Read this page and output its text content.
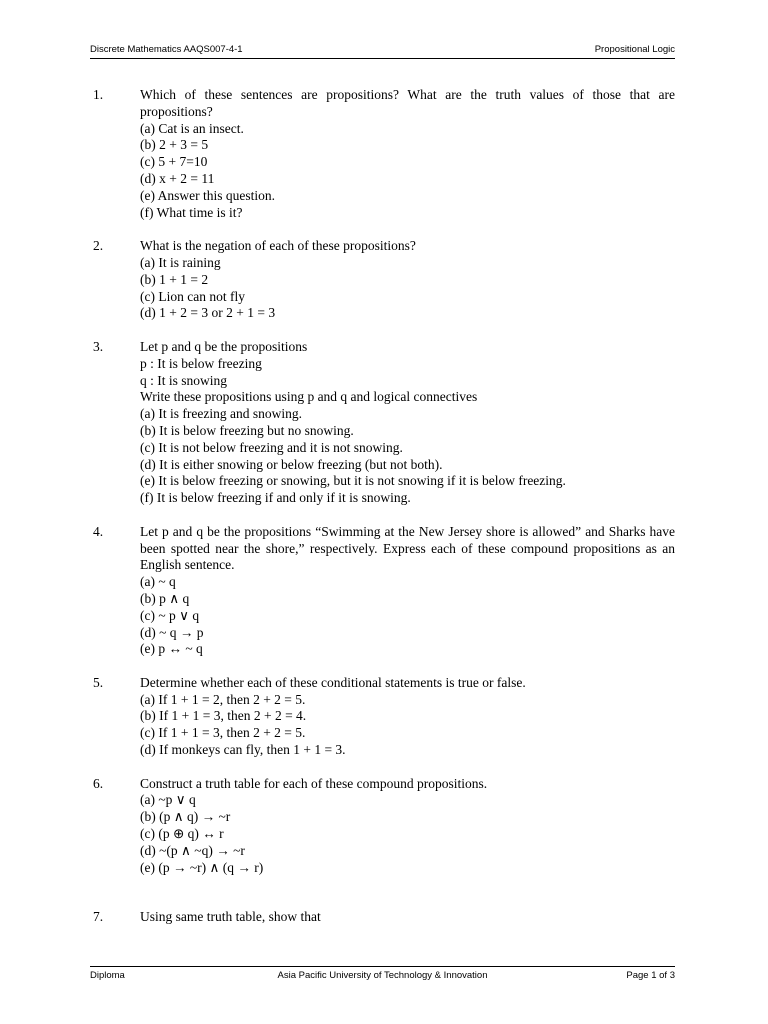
Discrete Mathematics AAQS007-4-1	Propositional Logic
1.	Which of these sentences are propositions? What are the truth values of those that are propositions?
(a) Cat is an insect.
(b) 2 + 3 = 5
(c) 5 + 7=10
(d) x + 2 = 11
(e) Answer this question.
(f) What time is it?
2.	What is the negation of each of these propositions?
(a) It is raining
(b) 1 + 1 = 2
(c) Lion can not fly
(d) 1 + 2 = 3 or 2 + 1 = 3
3.	Let p and q be the propositions
p : It is below freezing
q : It is snowing
Write these propositions using p and q and logical connectives
(a) It is freezing and snowing.
(b) It is below freezing but no snowing.
(c) It is not below freezing and it is not snowing.
(d) It is either snowing or below freezing (but not both).
(e) It is below freezing or snowing, but it is not snowing if it is below freezing.
(f) It is below freezing if and only if it is snowing.
4.	Let p and q be the propositions “Swimming at the New Jersey shore is allowed” and Sharks have been spotted near the shore,” respectively. Express each of these compound propositions as an English sentence.
(a) ~ q
(b) p ∧ q
(c) ~ p ∨ q
(d) ~ q → p
(e) p ↔ ~ q
5.	Determine whether each of these conditional statements is true or false.
(a) If 1 + 1 = 2, then 2 + 2 = 5.
(b) If 1 + 1 = 3, then 2 + 2 = 4.
(c) If 1 + 1 = 3, then 2 + 2 = 5.
(d) If monkeys can fly, then 1 + 1 = 3.
6.	Construct a truth table for each of these compound propositions.
(a) ~p ∨ q
(b) (p ∧ q) → ~r
(c) (p ⊕ q) ↔ r
(d) ~(p ∧ ~q) → ~r
(e) (p → ~r) ∧ (q → r)
7.	Using same truth table, show that
Diploma	Asia Pacific University of Technology & Innovation	Page 1 of 3
